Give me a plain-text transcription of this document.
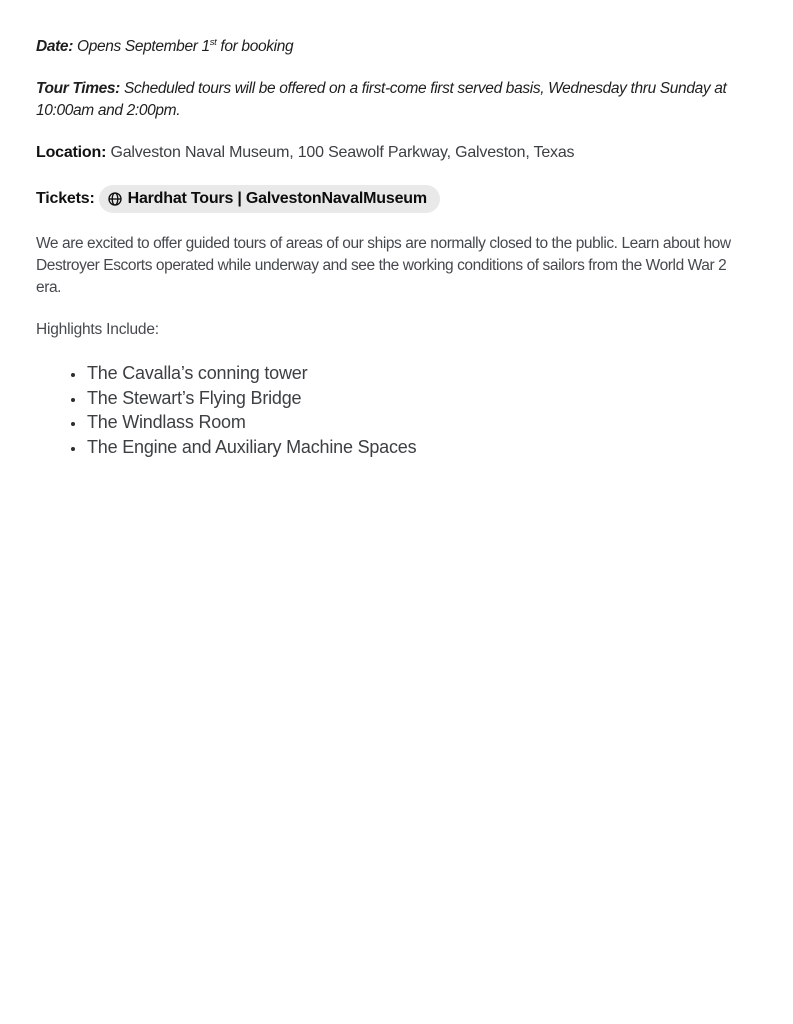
Date: Opens September 1st for booking

Tour Times: Scheduled tours will be offered on a first-come first served basis, Wednesday thru Sunday at 10:00am and 2:00pm.

Location: Galveston Naval Museum, 100 Seawolf Parkway, Galveston, Texas

Tickets: Hardhat Tours | GalvestonNavalMuseum

We are excited to offer guided tours of areas of our ships are normally closed to the public. Learn about how Destroyer Escorts operated while underway and see the working conditions of sailors from the World War 2 era.

Highlights Include:

• The Cavalla’s conning tower
• The Stewart’s Flying Bridge
• The Windlass Room
• The Engine and Auxiliary Machine Spaces
